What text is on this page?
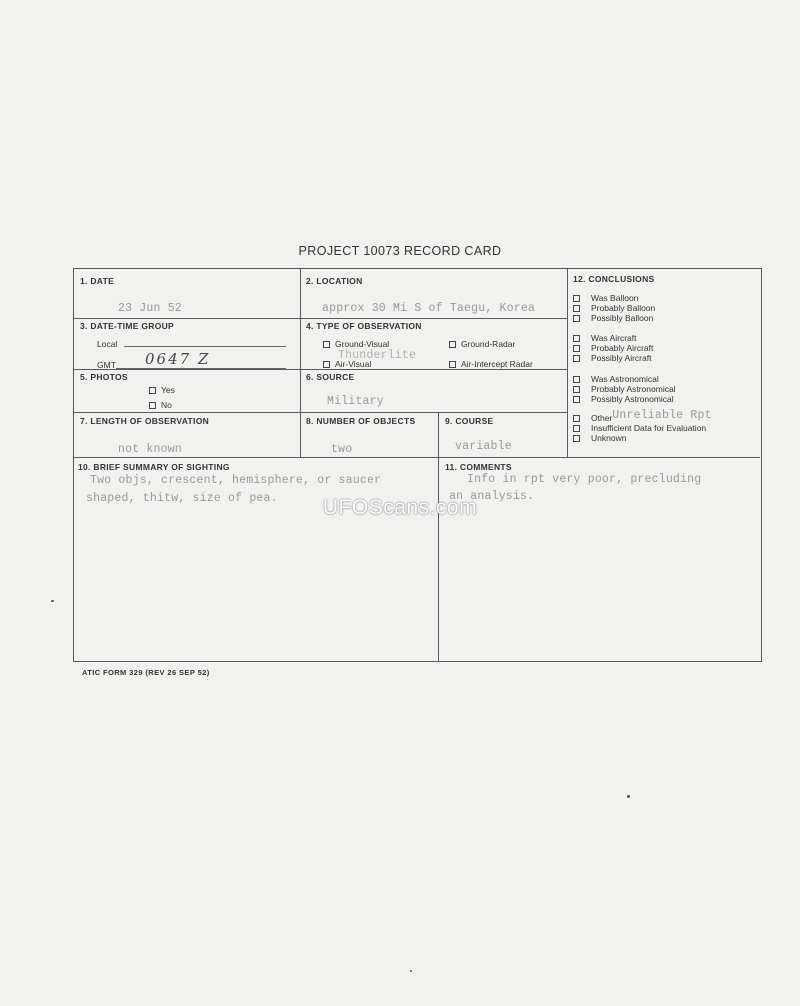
PROJECT 10073 RECORD CARD
1. DATE
23 Jun 52
2. LOCATION
approx 30 Mi S of Taegu, Korea
3. DATE-TIME GROUP
Local
GMT 0647 Z
4. TYPE OF OBSERVATION
Ground-Visual	Ground-Radar
Air-Visual	Air-Intercept Radar
Thunderlite
5. PHOTOS
Yes
No
6. SOURCE
Military
7. LENGTH OF OBSERVATION
not known
8. NUMBER OF OBJECTS
two
9. COURSE
variable
10. BRIEF SUMMARY OF SIGHTING
Two objs, crescent, hemisphere, or saucer
shaped, thitw, size of pea.
11. COMMENTS
Info in rpt very poor, precluding
an analysis.
12. CONCLUSIONS
Was Balloon
Probably Balloon
Possibly Balloon
Was Aircraft
Probably Aircraft
Possibly Aircraft
Was Astronomical
Probably Astronomical
Possibly Astronomical
OtherUnreliable Rpt
Insufficient Data for Evaluation
Unknown
UFOScans.com
ATIC FORM 329 (REV 26 SEP 52)
